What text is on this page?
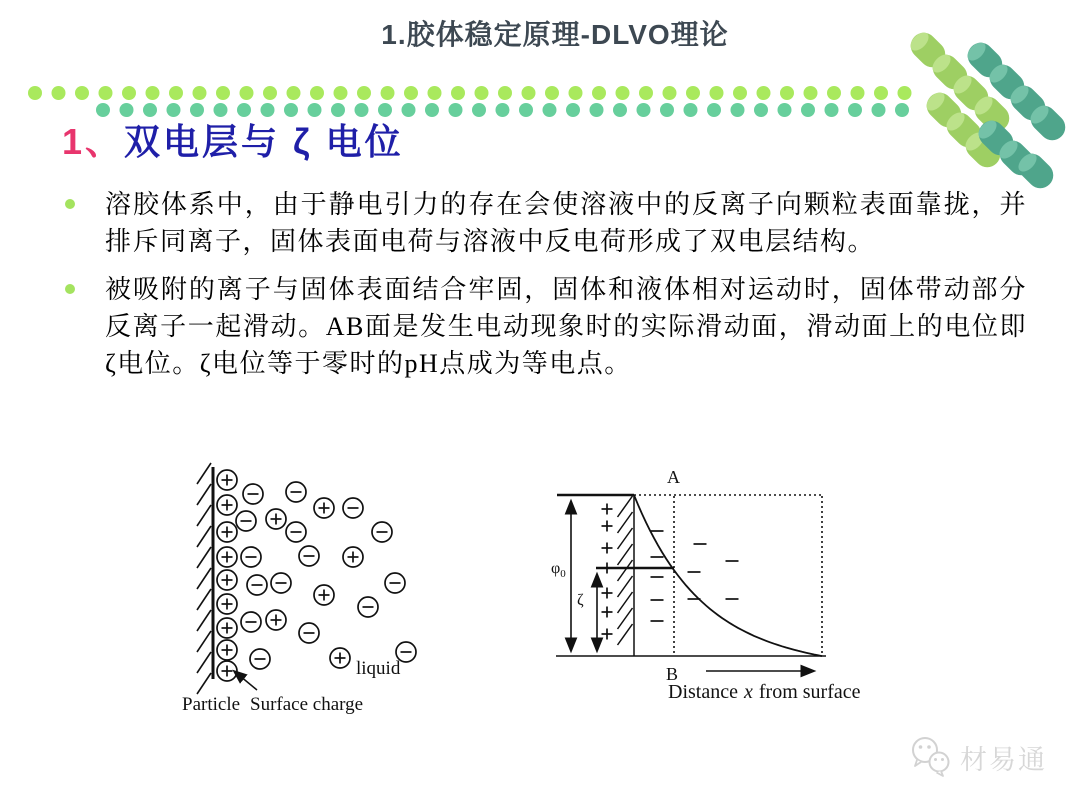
1.胶体稳定原理-DLVO理论
1、双电层与 ζ 电位
溶胶体系中，由于静电引力的存在会使溶液中的反离子向颗粒表面靠拢，并排斥同离子，固体表面电荷与溶液中反电荷形成了双电层结构。
被吸附的离子与固体表面结合牢固，固体和液体相对运动时，固体带动部分反离子一起滑动。AB面是发生电动现象时的实际滑动面，滑动面上的电位即ζ电位。ζ电位等于零时的pH点成为等电点。
liquid
Particle Surface charge
A
B
$\varphi_0$
ζ
Distance x from surface
材易通
